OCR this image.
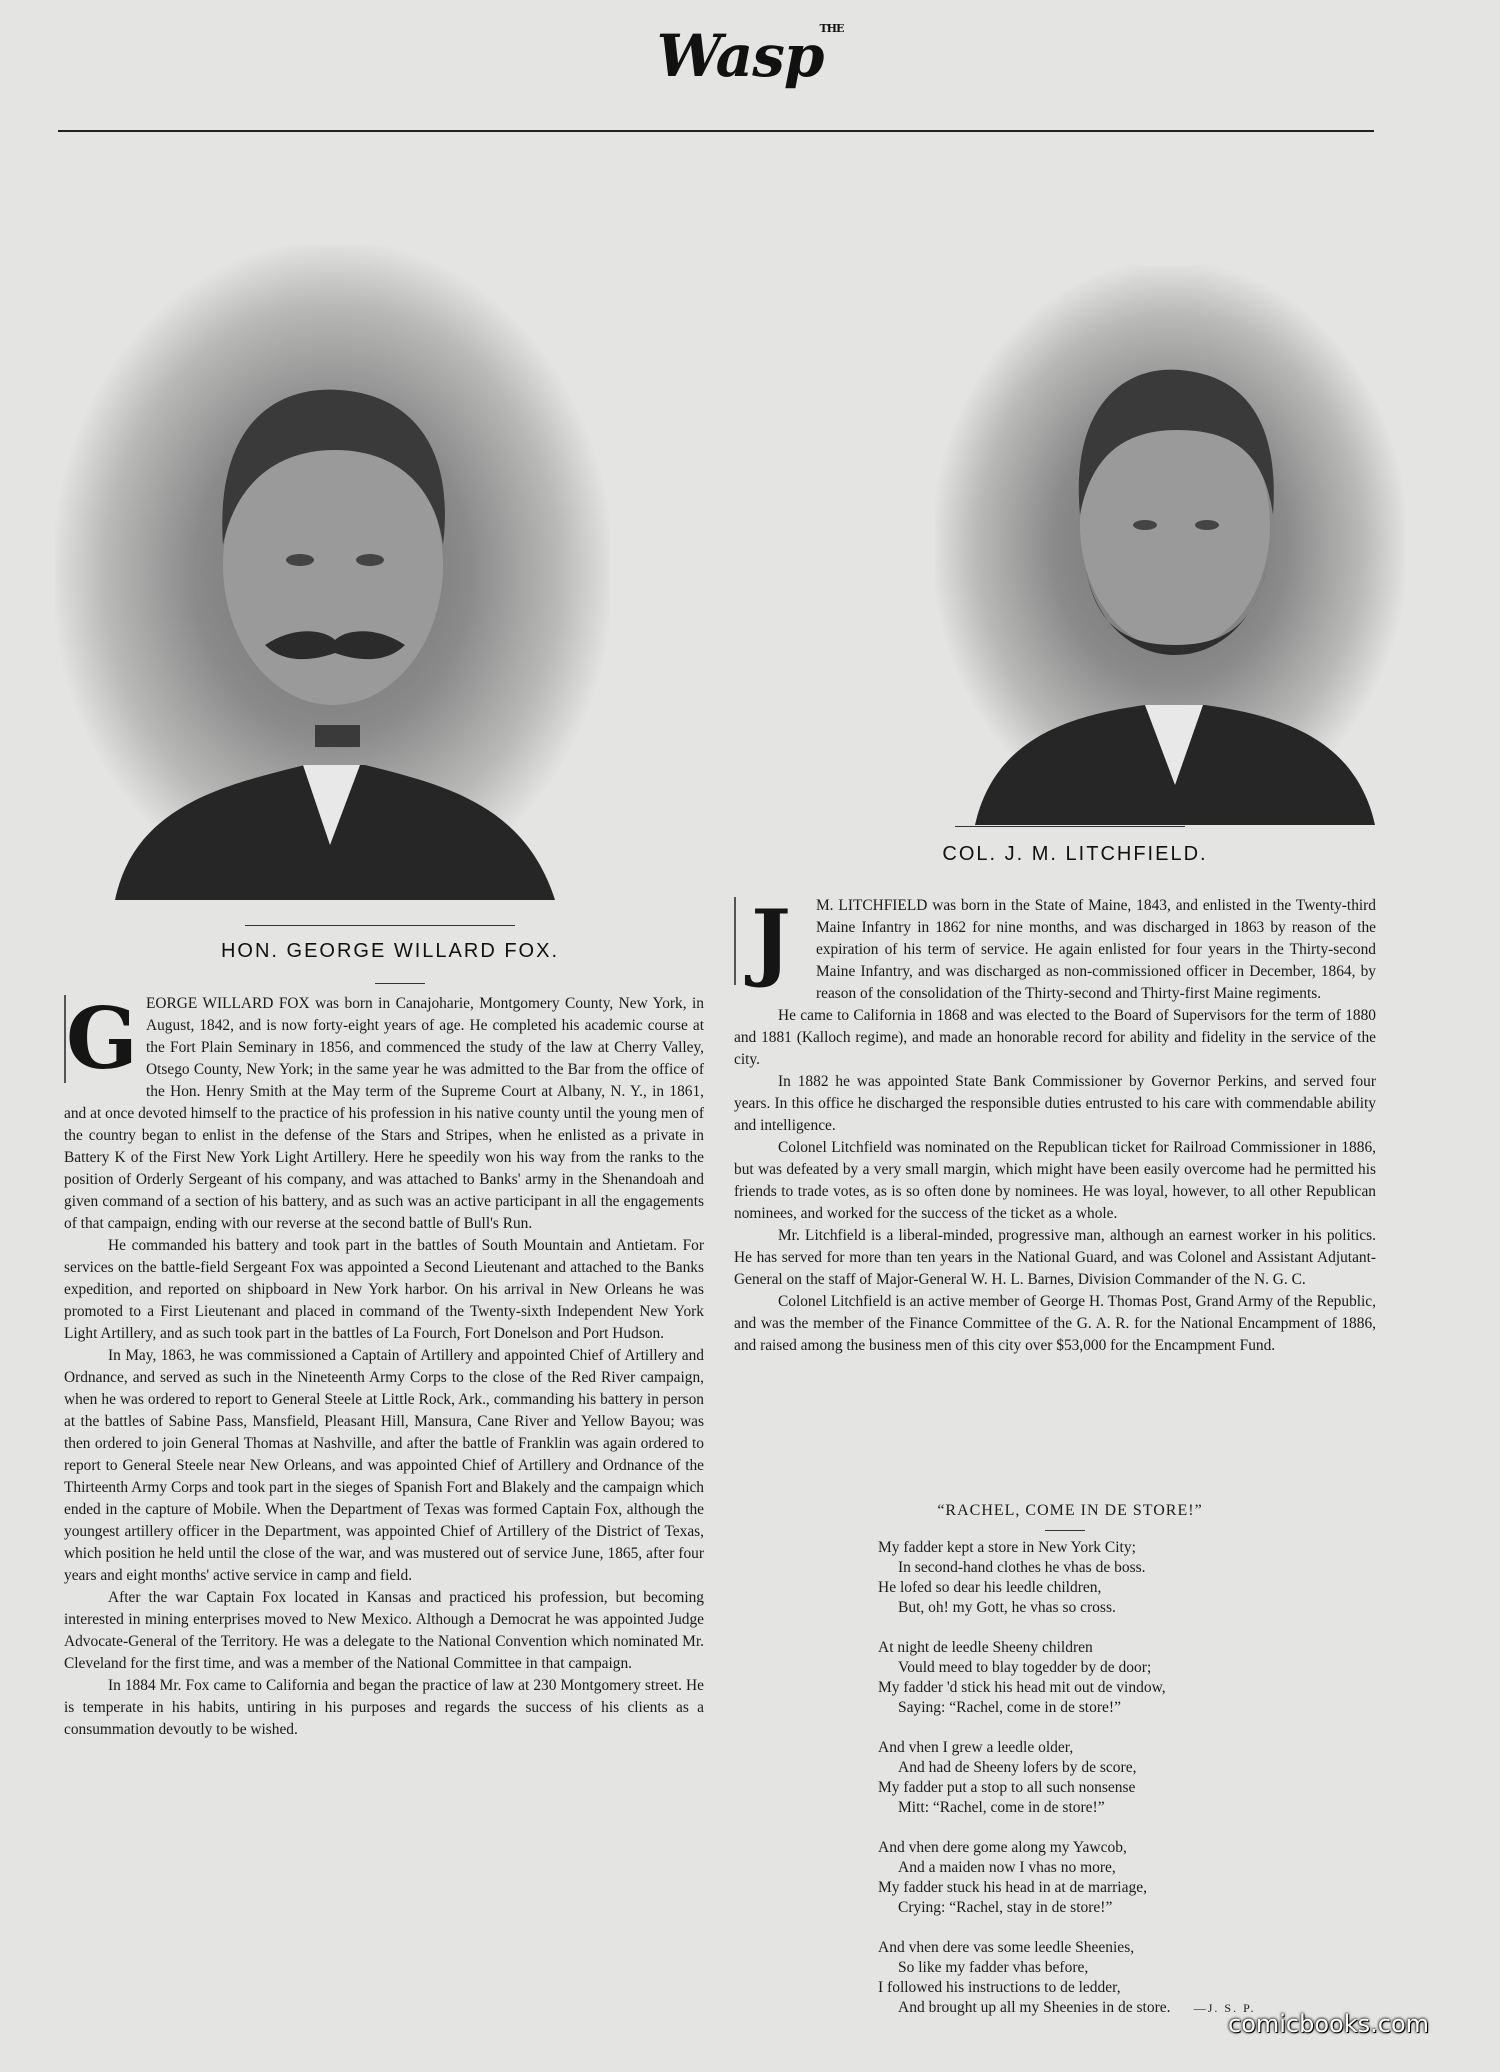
Wasp$^{THE}$
COL. J. M. LITCHFIELD.
J	M. LITCHFIELD was born in the State of Maine, 1843, and enlisted in the Twenty-third Maine Infantry in 1862 for nine months, and was discharged in 1863 by reason of the expiration of his term of service. He again enlisted for four years in the Thirty-second Maine Infantry, and was discharged as non-commissioned officer in December, 1864, by reason of the consolidation of the Thirty-second and Thirty-first Maine regiments.

He came to California in 1868 and was elected to the Board of Supervisors for the term of 1880 and 1881 (Kalloch regime), and made an honorable record for ability and fidelity in the service of the city.

In 1882 he was appointed State Bank Commissioner by Governor Perkins, and served four years. In this office he discharged the responsible duties entrusted to his care with commendable ability and intelligence.

Colonel Litchfield was nominated on the Republican ticket for Railroad Commissioner in 1886, but was defeated by a very small margin, which might have been easily overcome had he permitted his friends to trade votes, as is so often done by nominees. He was loyal, however, to all other Republican nominees, and worked for the success of the ticket as a whole.

Mr. Litchfield is a liberal-minded, progressive man, although an earnest worker in his politics. He has served for more than ten years in the National Guard, and was Colonel and Assistant Adjutant-General on the staff of Major-General W. H. L. Barnes, Division Commander of the N. G. C.

Colonel Litchfield is an active member of George H. Thomas Post, Grand Army of the Republic, and was the member of the Finance Committee of the G. A. R. for the National Encampment of 1886, and raised among the business men of this city over $53,000 for the Encampment Fund.

HON. GEORGE WILLARD FOX.
G EORGE WILLARD FOX was born in Canajoharie, Montgomery County, New York, in August, 1842, and is now forty-eight years of age. He completed his academic course at the Fort Plain Seminary in 1856, and commenced the study of the law at Cherry Valley, Otsego County, New York; in the same year he was admitted to the Bar from the office of the Hon. Henry Smith at the May term of the Supreme Court at Albany, N. Y., in 1861, and at once devoted himself to the practice of his profession in his native county until the young men of the country began to enlist in the defense of the Stars and Stripes, when he enlisted as a private in Battery K of the First New York Light Artillery. Here he speedily won his way from the ranks to the position of Orderly Sergeant of his company, and was attached to Banks' army in the Shenandoah and given command of a section of his battery, and as such was an active participant in all the engagements of that campaign, ending with our reverse at the second battle of Bull's Run.

He commanded his battery and took part in the battles of South Mountain and Antietam. For services on the battle-field Sergeant Fox was appointed a Second Lieutenant and attached to the Banks expedition, and reported on shipboard in New York harbor. On his arrival in New Orleans he was promoted to a First Lieutenant and placed in command of the Twenty-sixth Independent New York Light Artillery, and as such took part in the battles of La Fourch, Fort Donelson and Port Hudson.

In May, 1863, he was commissioned a Captain of Artillery and appointed Chief of Artillery and Ordnance, and served as such in the Nineteenth Army Corps to the close of the Red River campaign, when he was ordered to report to General Steele at Little Rock, Ark., commanding his battery in person at the battles of Sabine Pass, Mansfield, Pleasant Hill, Mansura, Cane River and Yellow Bayou; was then ordered to join General Thomas at Nashville, and after the battle of Franklin was again ordered to report to General Steele near New Orleans, and was appointed Chief of Artillery and Ordnance of the Thirteenth Army Corps and took part in the sieges of Spanish Fort and Blakely and the campaign which ended in the capture of Mobile. When the Department of Texas was formed Captain Fox, although the youngest artillery officer in the Department, was appointed Chief of Artillery of the District of Texas, which position he held until the close of the war, and was mustered out of service June, 1865, after four years and eight months' active service in camp and field.

After the war Captain Fox located in Kansas and practiced his profession, but becoming interested in mining enterprises moved to New Mexico. Although a Democrat he was appointed Judge Advocate-General of the Territory. He was a delegate to the National Convention which nominated Mr. Cleveland for the first time, and was a member of the National Committee in that campaign.

In 1884 Mr. Fox came to California and began the practice of law at 230 Montgomery street. He is temperate in his habits, untiring in his purposes and regards the success of his clients as a consummation devoutly to be wished.

“RACHEL, COME IN DE STORE!”
My fadder kept a store in New York City;
In second-hand clothes he vhas de boss.
He lofed so dear his leedle children,
But, oh! my Gott, he vhas so cross.
At night de leedle Sheeny children
Vould meed to blay togedder by de door;
My fadder 'd stick his head mit out de vindow,
Saying: “Rachel, come in de store!”
And vhen I grew a leedle older,
And had de Sheeny lofers by de score,
My fadder put a stop to all such nonsense
Mitt: “Rachel, come in de store!”
And vhen dere gome along my Yawcob,
And a maiden now I vhas no more,
My fadder stuck his head in at de marriage,
Crying: “Rachel, stay in de store!”
And vhen dere vas some leedle Sheenies,
So like my fadder vhas before,
I followed his instructions to de ledder,
And brought up all my Sheenies in de store. —J. S. P.
comicbooks.com
